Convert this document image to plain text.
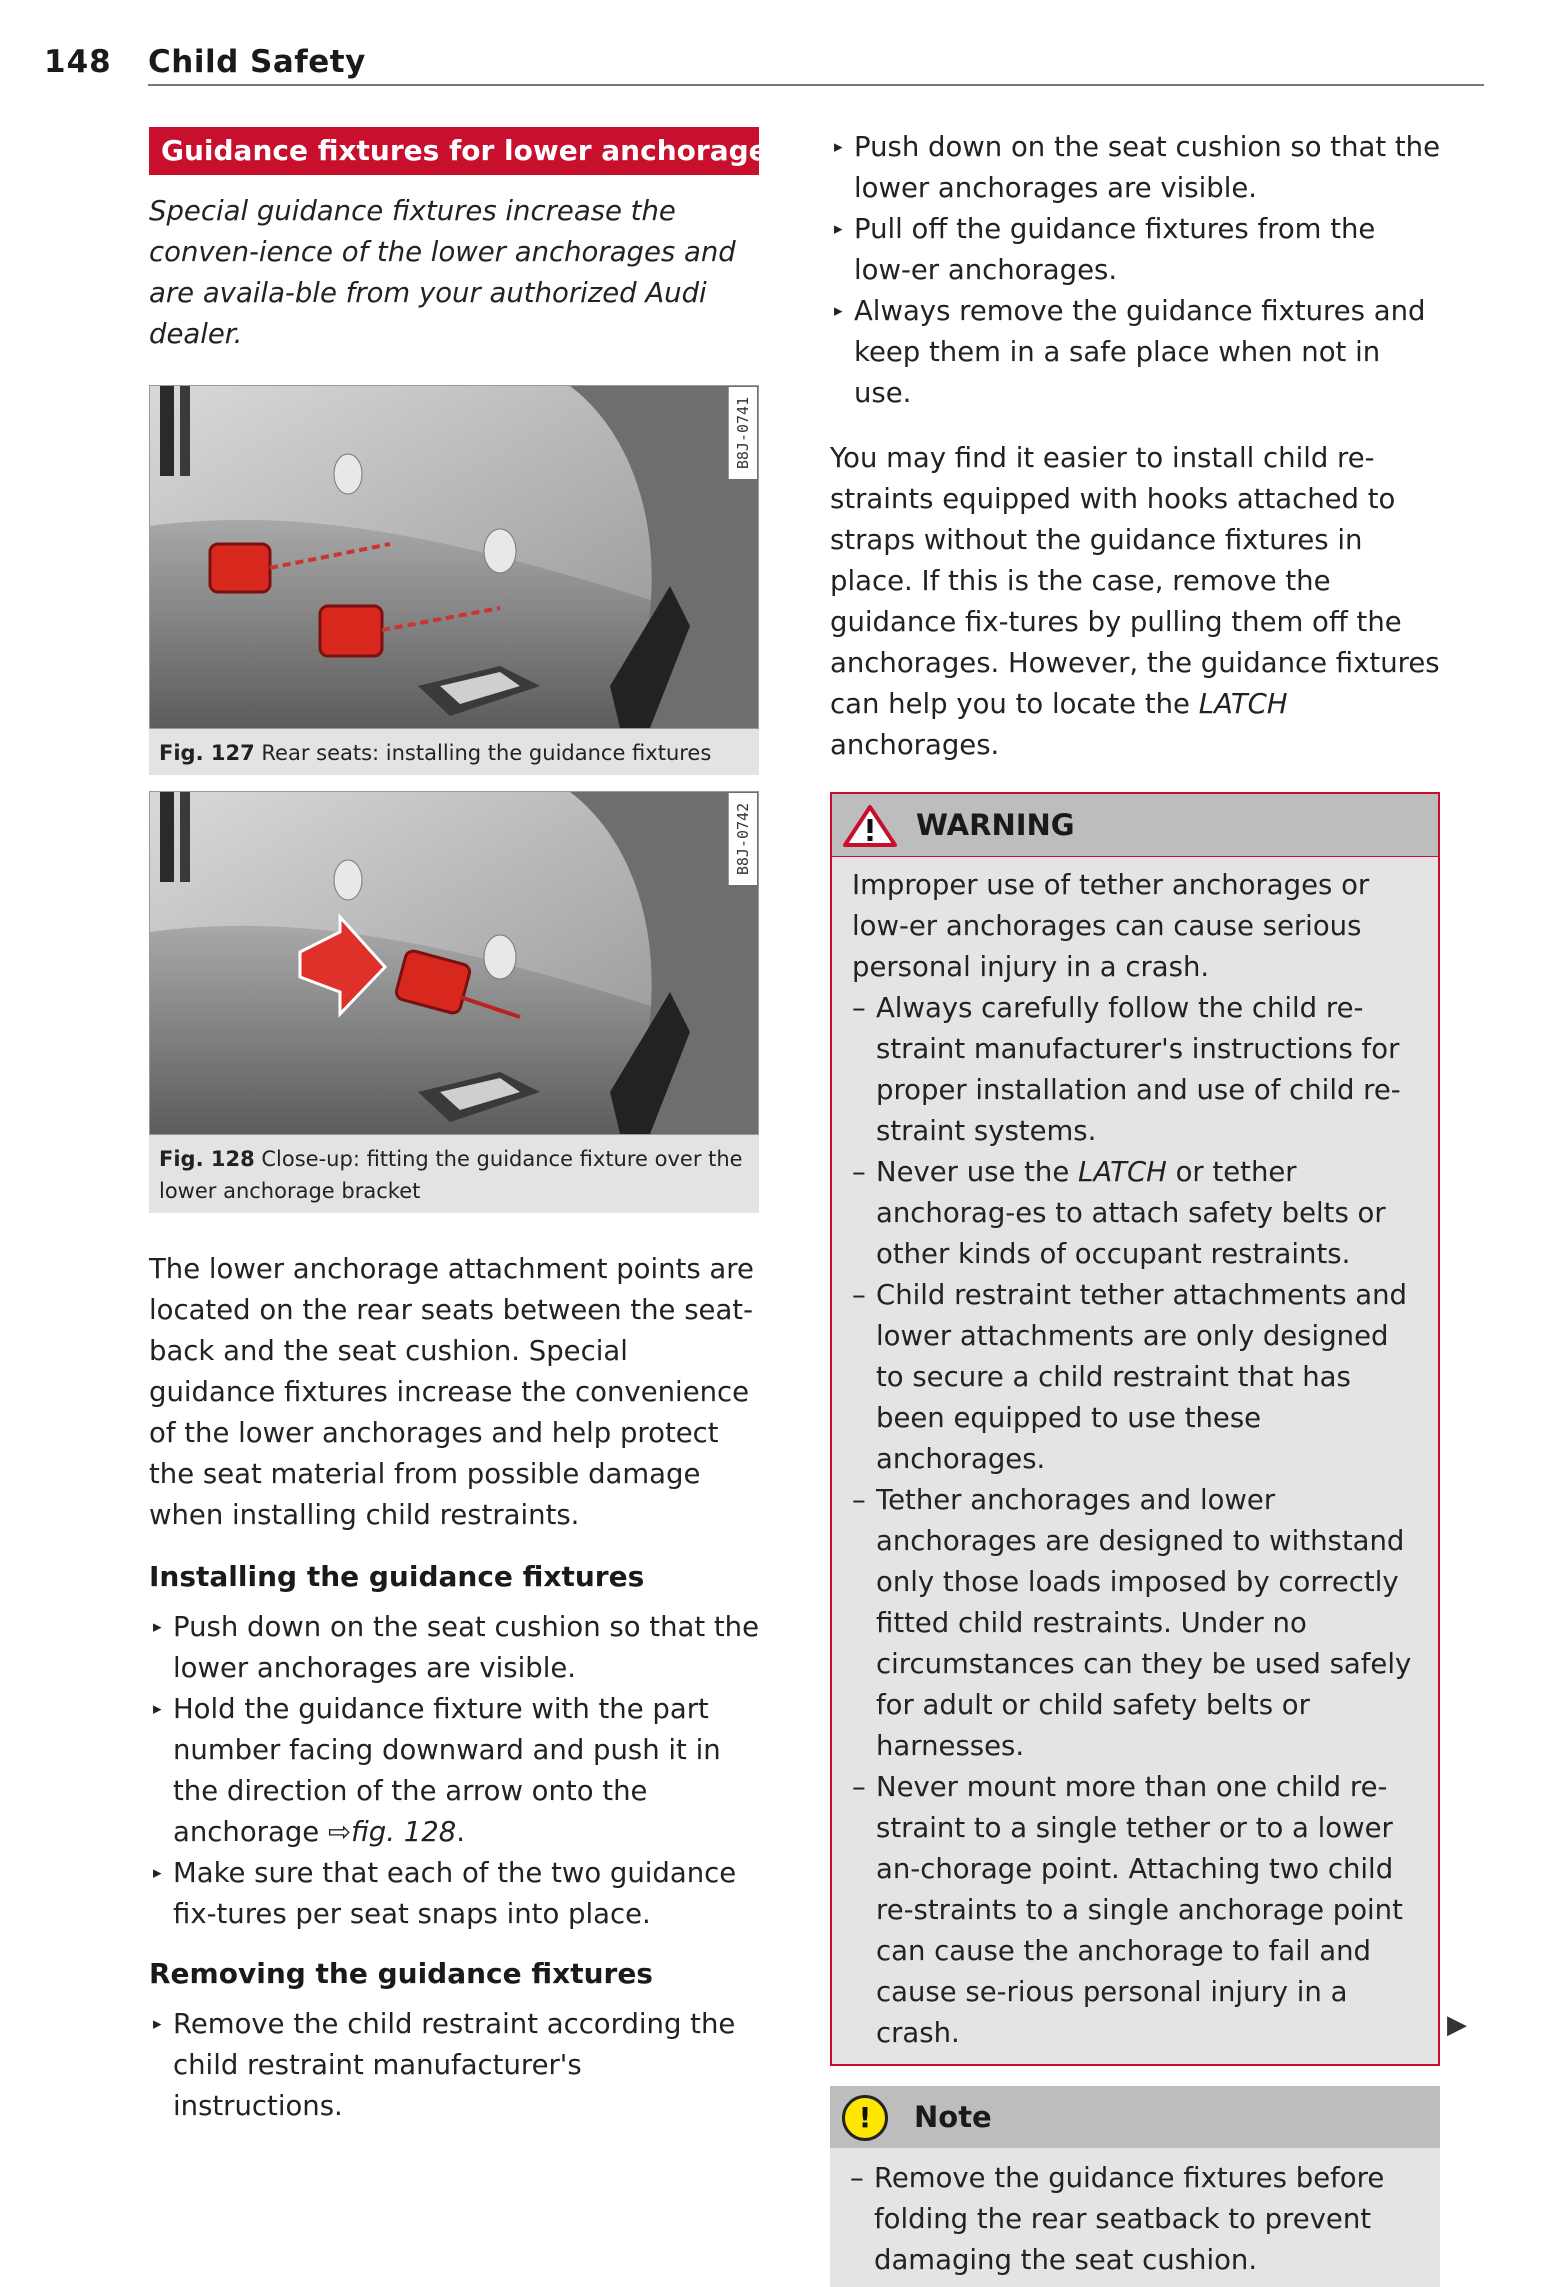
148 Child Safety
Guidance fixtures for lower anchorages
Special guidance fixtures increase the conven-ience of the lower anchorages and are availa-ble from your authorized Audi dealer.
B8J-0741
Fig. 127 Rear seats: installing the guidance fixtures
B8J-0742
Fig. 128 Close-up: fitting the guidance fixture over the lower anchorage bracket

The lower anchorage attachment points are located on the rear seats between the seat-back and the seat cushion. Special guidance fixtures increase the convenience of the lower anchorages and help protect the seat material from possible damage when installing child restraints.

Installing the guidance fixtures
▸ Push down on the seat cushion so that the lower anchorages are visible.
▸ Hold the guidance fixture with the part number facing downward and push it in the direction of the arrow onto the anchorage ⇨fig. 128.
▸ Make sure that each of the two guidance fix-tures per seat snaps into place.
Removing the guidance fixtures
▸ Remove the child restraint according the child restraint manufacturer's instructions.
▸ Push down on the seat cushion so that the lower anchorages are visible.
▸ Pull off the guidance fixtures from the low-er anchorages.
▸ Always remove the guidance fixtures and keep them in a safe place when not in use.

You may find it easier to install child re-straints equipped with hooks attached to straps without the guidance fixtures in place. If this is the case, remove the guidance fix-tures by pulling them off the anchorages. However, the guidance fixtures can help you to locate the LATCH anchorages.

WARNING

Improper use of tether anchorages or low-er anchorages can cause serious personal injury in a crash.

– Always carefully follow the child re-straint manufacturer's instructions for proper installation and use of child re-straint systems.
– Never use the LATCH or tether anchorag-es to attach safety belts or other kinds of occupant restraints.
– Child restraint tether attachments and lower attachments are only designed to secure a child restraint that has been equipped to use these anchorages.
– Tether anchorages and lower anchorages are designed to withstand only those loads imposed by correctly fitted child restraints. Under no circumstances can they be used safely for adult or child safety belts or harnesses.
– Never mount more than one child re-straint to a single tether or to a lower an-chorage point. Attaching two child re-straints to a single anchorage point can cause the anchorage to fail and cause se-rious personal injury in a crash.
!	Note
– Remove the guidance fixtures before folding the rear seatback to prevent damaging the seat cushion.
▶
